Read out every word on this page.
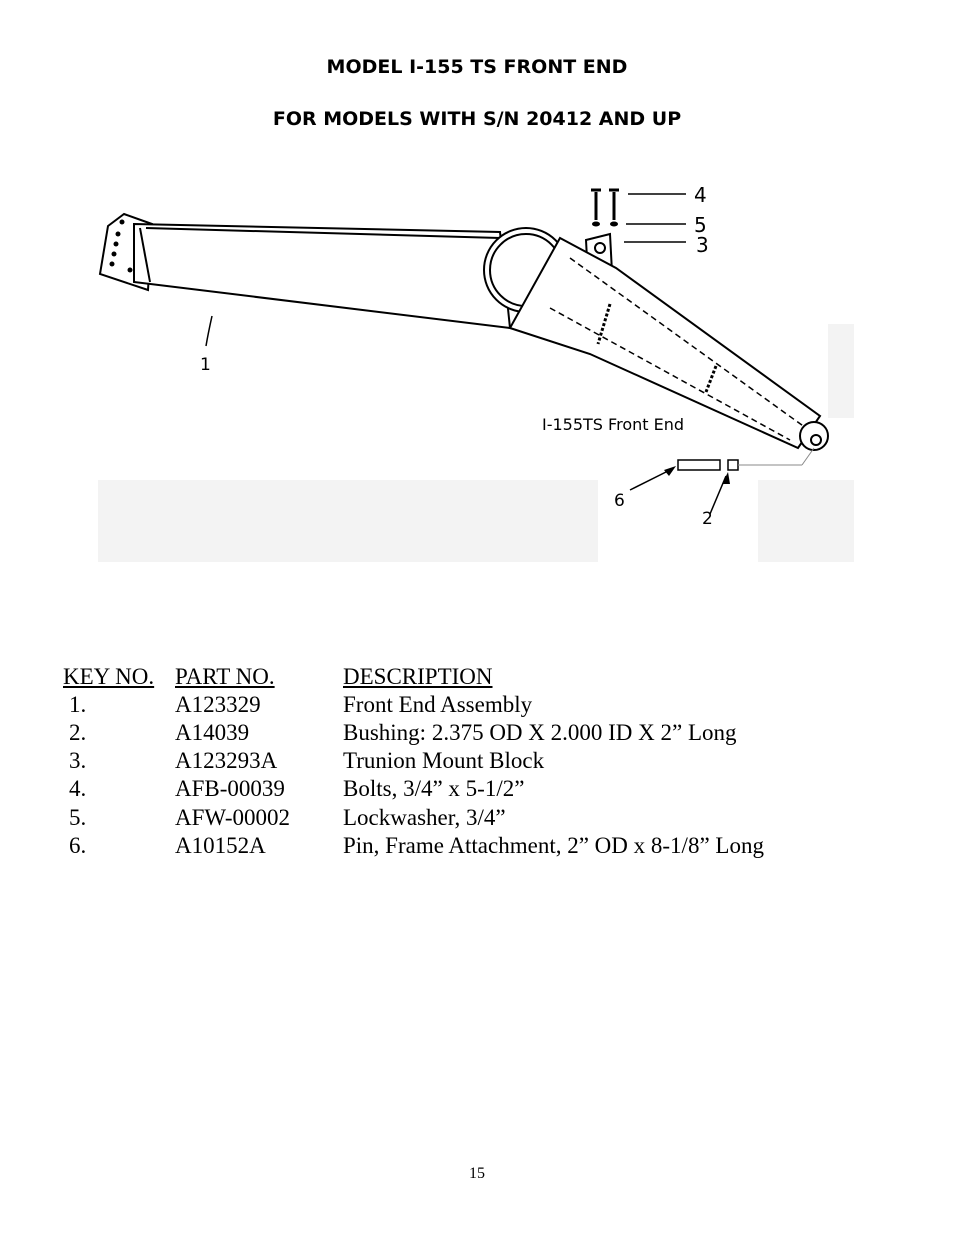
MODEL I-155 TS FRONT END
FOR MODELS WITH S/N 20412 AND UP
1
2
3
4
5
6
I-155TS Front End
KEY NO. PART NO.	DESCRIPTION
1.	A123329	Front End Assembly
2.	A14039	Bushing: 2.375 OD X 2.000 ID X 2” Long
3.	A123293A	Trunion Mount Block
4.	AFB-00039	Bolts, 3/4” x 5-1/2”
5.	AFW-00002 Lockwasher, 3/4”
6.	A10152A	Pin, Frame Attachment, 2” OD x 8-1/8” Long
15
